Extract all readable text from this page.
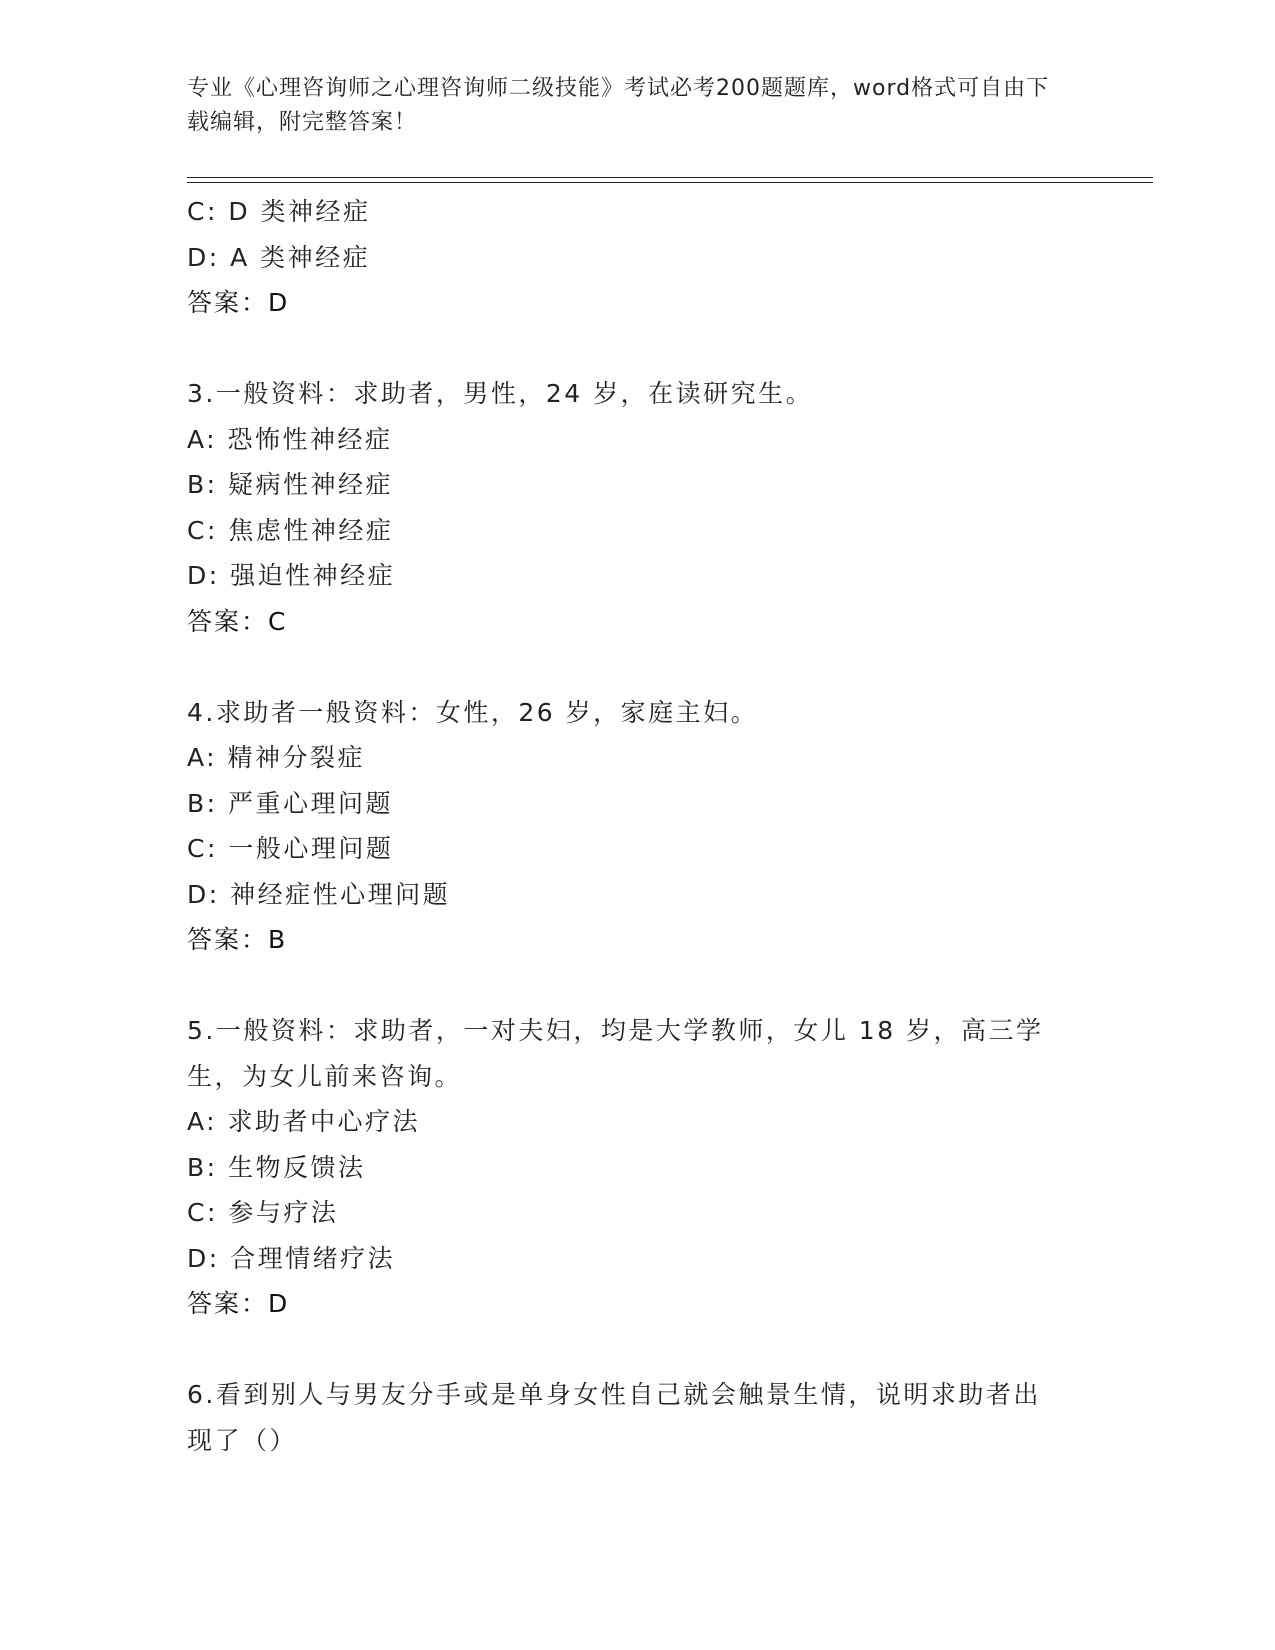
专业《心理咨询师之心理咨询师二级技能》考试必考200题题库，word格式可自由下载编辑，附完整答案！
C: D 类神经症
D: A 类神经症
答案：D
3.一般资料：求助者，男性，24 岁，在读研究生。
A: 恐怖性神经症
B: 疑病性神经症
C: 焦虑性神经症
D: 强迫性神经症
答案：C
4.求助者一般资料：女性，26 岁，家庭主妇。
A: 精神分裂症
B: 严重心理问题
C: 一般心理问题
D: 神经症性心理问题
答案：B
5.一般资料：求助者，一对夫妇，均是大学教师，女儿 18 岁，高三学生，为女儿前来咨询。
A: 求助者中心疗法
B: 生物反馈法
C: 参与疗法
D: 合理情绪疗法
答案：D
6.看到别人与男友分手或是单身女性自己就会触景生情，说明求助者出现了（）
